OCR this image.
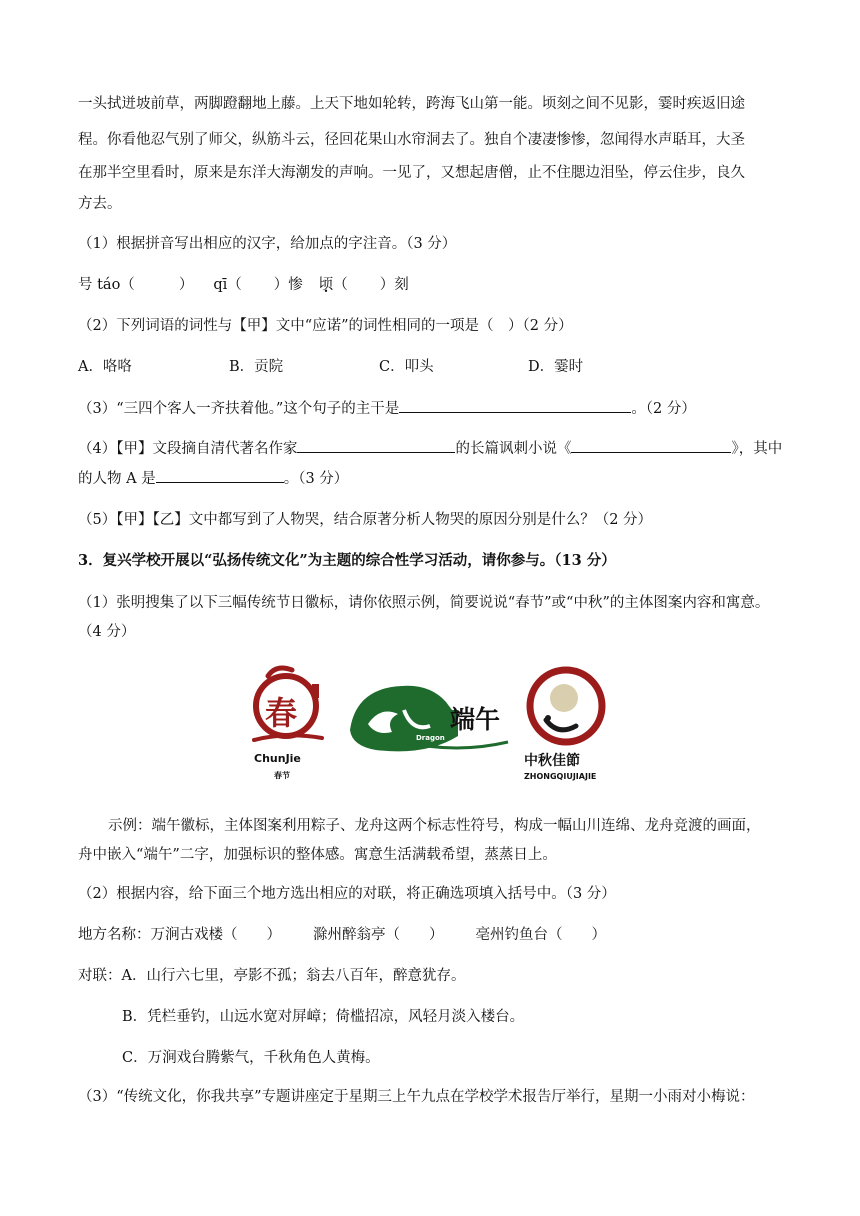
一头拭迸坡前草，两脚蹬翻地上藤。上天下地如轮转，跨海飞山第一能。顷刻之间不见影，霎时疾返旧途
程。你看他忍气别了师父，纵筋斗云，径回花果山水帘洞去了。独自个凄凄惨惨，忽闻得水声聒耳，大圣
在那半空里看时，原来是东洋大海潮发的声响。一见了，又想起唐僧，止不住腮边泪坠，停云住步，良久
方去。
（1）根据拼音写出相应的汉字，给加点的字注音。（3 分）
号 táo（	） qī（ ）惨 顷（ ）刻
（2）下列词语的词性与【甲】文中“应诺”的词性相同的一项是（　）（2 分）
A．咯咯	B．贡院	C．叩头	D．霎时
（3）“三四个客人一齐扶着他。”这个句子的主干是	。（2 分）
（4）【甲】文段摘自清代著名作家	的长篇讽刺小说《	》，其中
的人物 A 是	。（3 分）
（5）【甲】【乙】文中都写到了人物哭，结合原著分析人物哭的原因分别是什么？（2 分）
3．复兴学校开展以“弘扬传统文化”为主题的综合性学习活动，请你参与。（13 分）
（1）张明搜集了以下三幅传统节日徽标，请你依照示例，简要说说“春节”或“中秋”的主体图案内容和寓意。
（4 分）
春
ChunJie
春节
端午
Dragon
中秋佳節
ZHONGQIUJIAJIE
示例：端午徽标，主体图案利用粽子、龙舟这两个标志性符号，构成一幅山川连绵、龙舟竞渡的画面，
舟中嵌入“端午”二字，加强标识的整体感。寓意生活满载希望，蒸蒸日上。
（2）根据内容，给下面三个地方选出相应的对联，将正确选项填入括号中。（3 分）
地方名称：万涧古戏楼（　　） 滁州醉翁亭（　　） 亳州钓鱼台（　　）
对联：A．山行六七里，亭影不孤；翁去八百年，醉意犹存。
B．凭栏垂钓，山远水宽对屏嶂；倚槛招凉，风轻月淡入楼台。
C．万涧戏台腾紫气，千秋角色人黄梅。
（3）“传统文化，你我共享”专题讲座定于星期三上午九点在学校学术报告厅举行，星期一小雨对小梅说：
